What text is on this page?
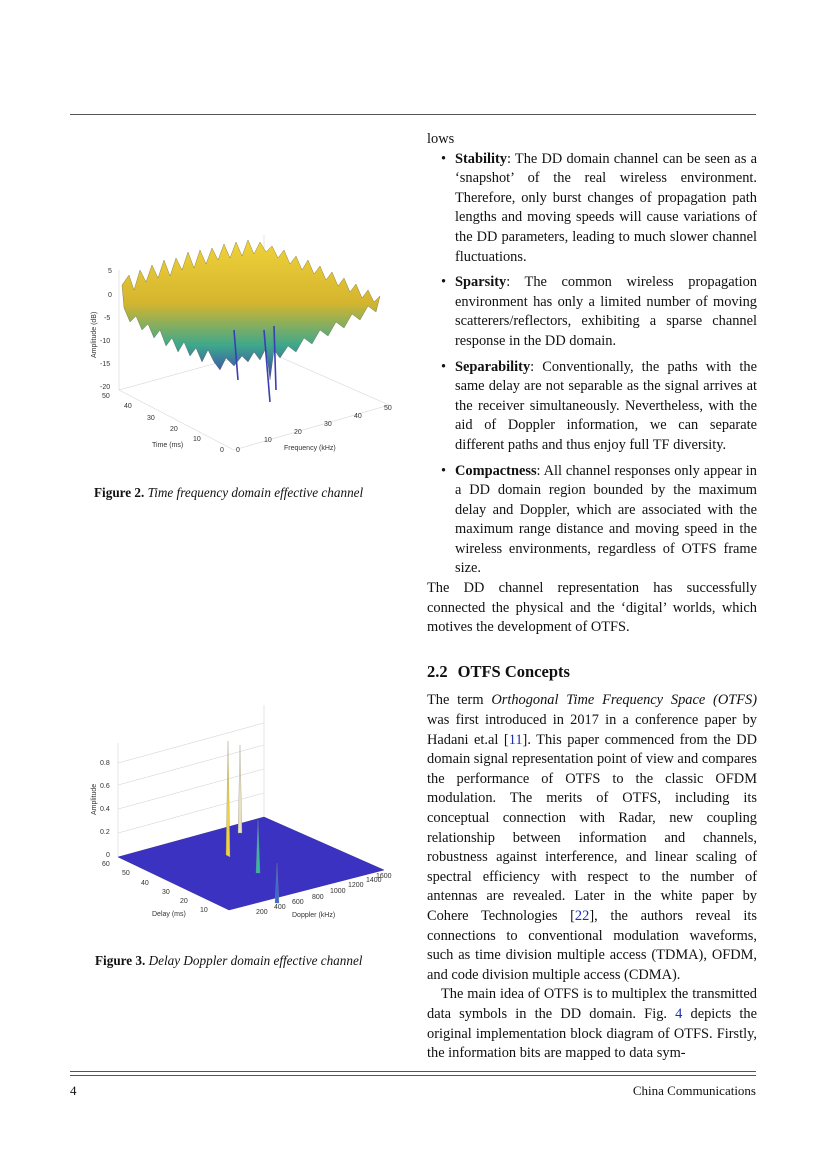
5
0
-5
-10
-15
-20
Amplitude (dB)
50
40
30
20
10
0
Time (ms)
0
10
20
30
40
50
Frequency (kHz)
Figure 2. Time frequency domain effective channel
0.8
0.6
0.4
0.2
0
Amplitude
60
50
40
30
20
10
Delay (ms)	200
400
600
800
1000
1200
1400
1600
Doppler (kHz)
Figure 3. Delay Doppler domain effective channel

lows

• Stability: The DD domain channel can be seen as a ‘snapshot’ of the real wireless environment. Therefore, only burst changes of propagation path lengths and moving speeds will cause variations of the DD parameters, leading to much slower channel fluctuations.
• Sparsity: The common wireless propagation environment has only a limited number of moving scatterers/reflectors, exhibiting a sparse channel response in the DD domain.
• Separability: Conventionally, the paths with the same delay are not separable as the signal arrives at the receiver simultaneously. Nevertheless, with the aid of Doppler information, we can separate different paths and thus enjoy full TF diversity.
• Compactness: All channel responses only appear in a DD domain region bounded by the maximum delay and Doppler, which are associated with the maximum range distance and moving speed in the wireless environments, regardless of OTFS frame size.

The DD channel representation has successfully connected the physical and the ‘digital’ worlds, which motives the development of OTFS.

2.2 OTFS Concepts

The term Orthogonal Time Frequency Space (OTFS) was first introduced in 2017 in a conference paper by Hadani et.al [11]. This paper commenced from the DD domain signal representation point of view and compares the performance of OTFS to the classic OFDM modulation. The merits of OTFS, including its conceptual connection with Radar, new coupling relationship between information and channels, robustness against interference, and linear scaling of spectral efficiency with respect to the number of antennas are revealed. Later in the white paper by Cohere Technologies [22], the authors reveal its connections to conventional modulation waveforms, such as time division multiple access (TDMA), OFDM, and code division multiple access (CDMA).

The main idea of OTFS is to multiplex the transmitted data symbols in the DD domain. Fig. 4 depicts the original implementation block diagram of OTFS. Firstly, the information bits are mapped to data sym-

4	China Communications
